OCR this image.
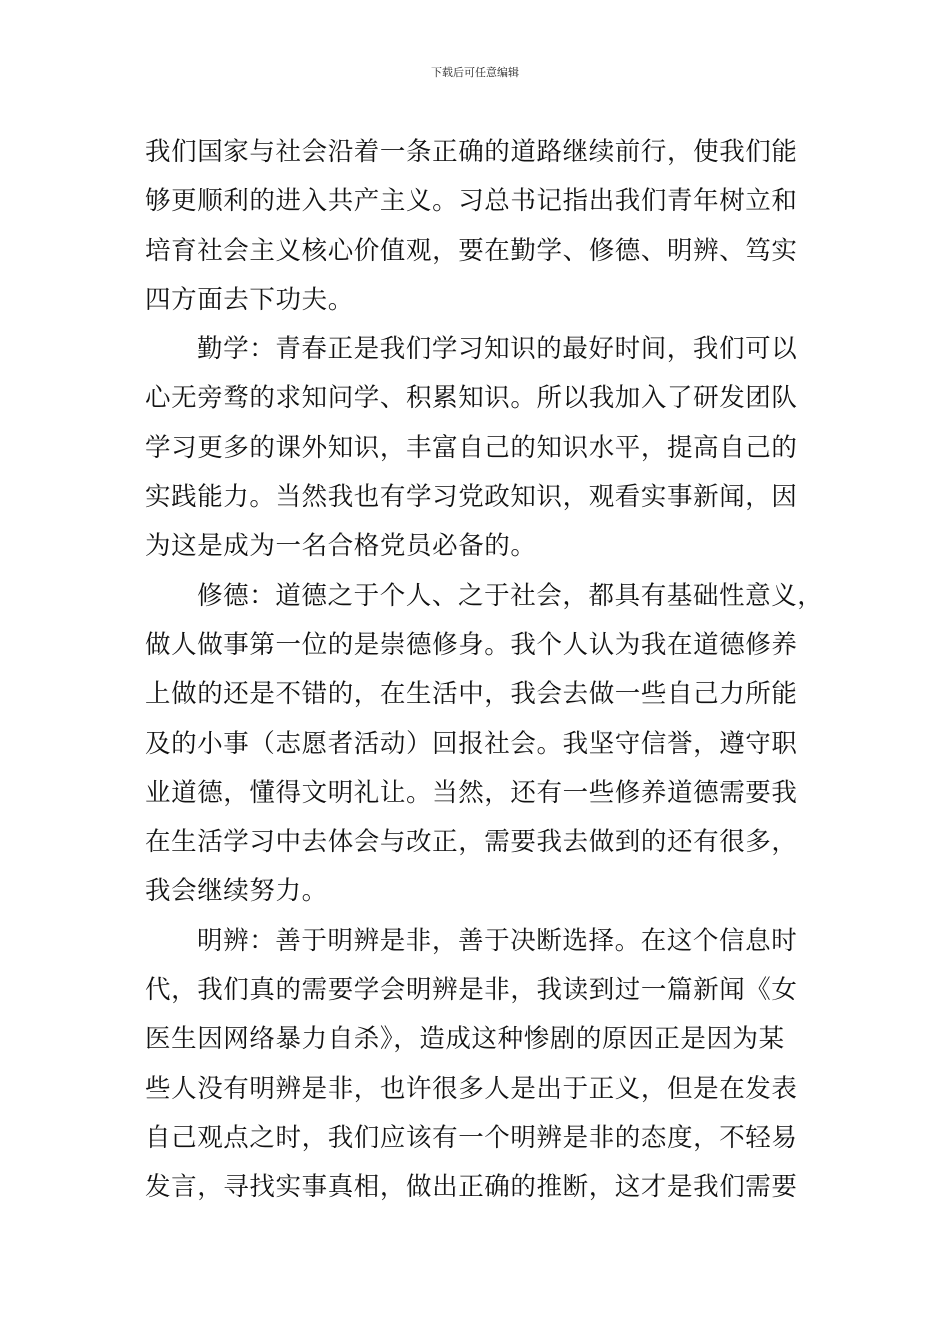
下载后可任意编辑
我们国家与社会沿着一条正确的道路继续前行，使我们能
够更顺利的进入共产主义。习总书记指出我们青年树立和
培育社会主义核心价值观，要在勤学、修德、明辨、笃实
四方面去下功夫。
勤学：青春正是我们学习知识的最好时间，我们可以
心无旁骛的求知问学、积累知识。所以我加入了研发团队
学习更多的课外知识，丰富自己的知识水平，提高自己的
实践能力。当然我也有学习党政知识，观看实事新闻，因
为这是成为一名合格党员必备的。
修德：道德之于个人、之于社会，都具有基础性意义，
做人做事第一位的是崇德修身。我个人认为我在道德修养
上做的还是不错的，在生活中，我会去做一些自己力所能
及的小事（志愿者活动）回报社会。我坚守信誉，遵守职
业道德，懂得文明礼让。当然，还有一些修养道德需要我
在生活学习中去体会与改正，需要我去做到的还有很多，
我会继续努力。
明辨：善于明辨是非，善于决断选择。在这个信息时
代，我们真的需要学会明辨是非，我读到过一篇新闻《女
医生因网络暴力自杀》，造成这种惨剧的原因正是因为某
些人没有明辨是非，也许很多人是出于正义，但是在发表
自己观点之时，我们应该有一个明辨是非的态度，不轻易
发言，寻找实事真相，做出正确的推断，这才是我们需要
